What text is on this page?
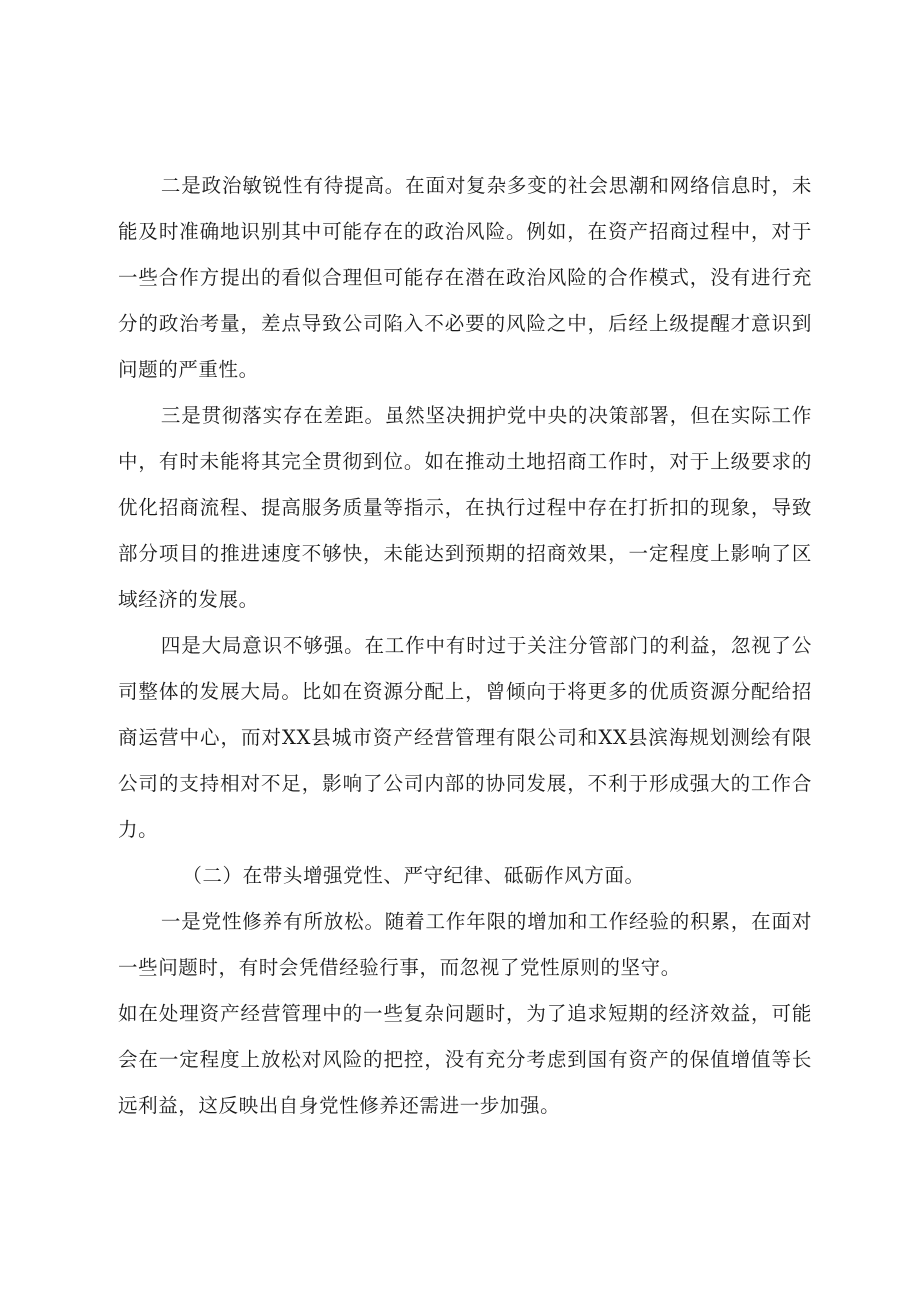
二是政治敏锐性有待提高。在面对复杂多变的社会思潮和网络信息时，未能及时准确地识别其中可能存在的政治风险。例如，在资产招商过程中，对于一些合作方提出的看似合理但可能存在潜在政治风险的合作模式，没有进行充分的政治考量，差点导致公司陷入不必要的风险之中，后经上级提醒才意识到问题的严重性。

三是贯彻落实存在差距。虽然坚决拥护党中央的决策部署，但在实际工作中，有时未能将其完全贯彻到位。如在推动土地招商工作时，对于上级要求的优化招商流程、提高服务质量等指示，在执行过程中存在打折扣的现象，导致部分项目的推进速度不够快，未能达到预期的招商效果，一定程度上影响了区域经济的发展。

四是大局意识不够强。在工作中有时过于关注分管部门的利益，忽视了公司整体的发展大局。比如在资源分配上，曾倾向于将更多的优质资源分配给招商运营中心，而对XX县城市资产经营管理有限公司和XX县滨海规划测绘有限公司的支持相对不足，影响了公司内部的协同发展，不利于形成强大的工作合力。

（二）在带头增强党性、严守纪律、砥砺作风方面。

一是党性修养有所放松。随着工作年限的增加和工作经验的积累，在面对一些问题时，有时会凭借经验行事，而忽视了党性原则的坚守。

如在处理资产经营管理中的一些复杂问题时，为了追求短期的经济效益，可能会在一定程度上放松对风险的把控，没有充分考虑到国有资产的保值增值等长远利益，这反映出自身党性修养还需进一步加强。
